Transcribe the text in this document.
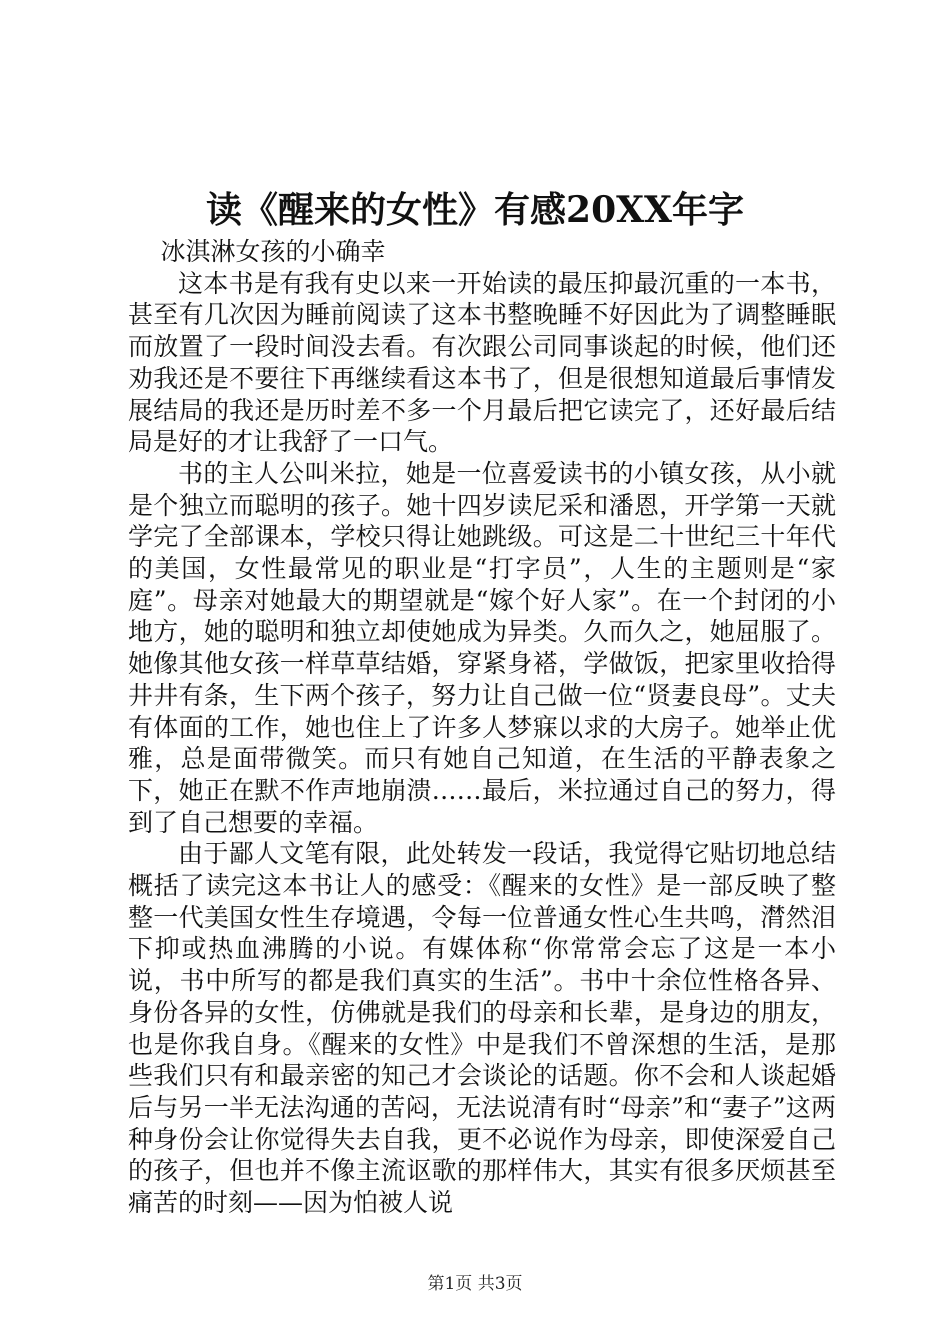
读《醒来的女性》有感20XX年字

冰淇淋女孩的小确幸

这本书是有我有史以来一开始读的最压抑最沉重的一本书，甚至有几次因为睡前阅读了这本书整晚睡不好因此为了调整睡眠而放置了一段时间没去看。有次跟公司同事谈起的时候，他们还劝我还是不要往下再继续看这本书了，但是很想知道最后事情发展结局的我还是历时差不多一个月最后把它读完了，还好最后结局是好的才让我舒了一口气。

书的主人公叫米拉，她是一位喜爱读书的小镇女孩，从小就是个独立而聪明的孩子。她十四岁读尼采和潘恩，开学第一天就学完了全部课本，学校只得让她跳级。可这是二十世纪三十年代的美国，女性最常见的职业是“打字员”，人生的主题则是“家庭”。母亲对她最大的期望就是“嫁个好人家”。在一个封闭的小地方，她的聪明和独立却使她成为异类。久而久之，她屈服了。她像其他女孩一样草草结婚，穿紧身褡，学做饭，把家里收拾得井井有条，生下两个孩子，努力让自己做一位“贤妻良母”。丈夫有体面的工作，她也住上了许多人梦寐以求的大房子。她举止优雅，总是面带微笑。而只有她自己知道，在生活的平静表象之下，她正在默不作声地崩溃……最后，米拉通过自己的努力，得到了自己想要的幸福。

由于鄙人文笔有限，此处转发一段话，我觉得它贴切地总结概括了读完这本书让人的感受：《醒来的女性》是一部反映了整整一代美国女性生存境遇，令每一位普通女性心生共鸣，潸然泪下抑或热血沸腾的小说。有媒体称“你常常会忘了这是一本小说，书中所写的都是我们真实的生活”。书中十余位性格各异、身份各异的女性，仿佛就是我们的母亲和长辈，是身边的朋友，也是你我自身。《醒来的女性》中是我们不曾深想的生活，是那些我们只有和最亲密的知己才会谈论的话题。你不会和人谈起婚后与另一半无法沟通的苦闷，无法说清有时“母亲”和“妻子”这两种身份会让你觉得失去自我，更不必说作为母亲，即使深爱自己的孩子，但也并不像主流讴歌的那样伟大，其实有很多厌烦甚至痛苦的时刻——因为怕被人说

第1页 共3页
